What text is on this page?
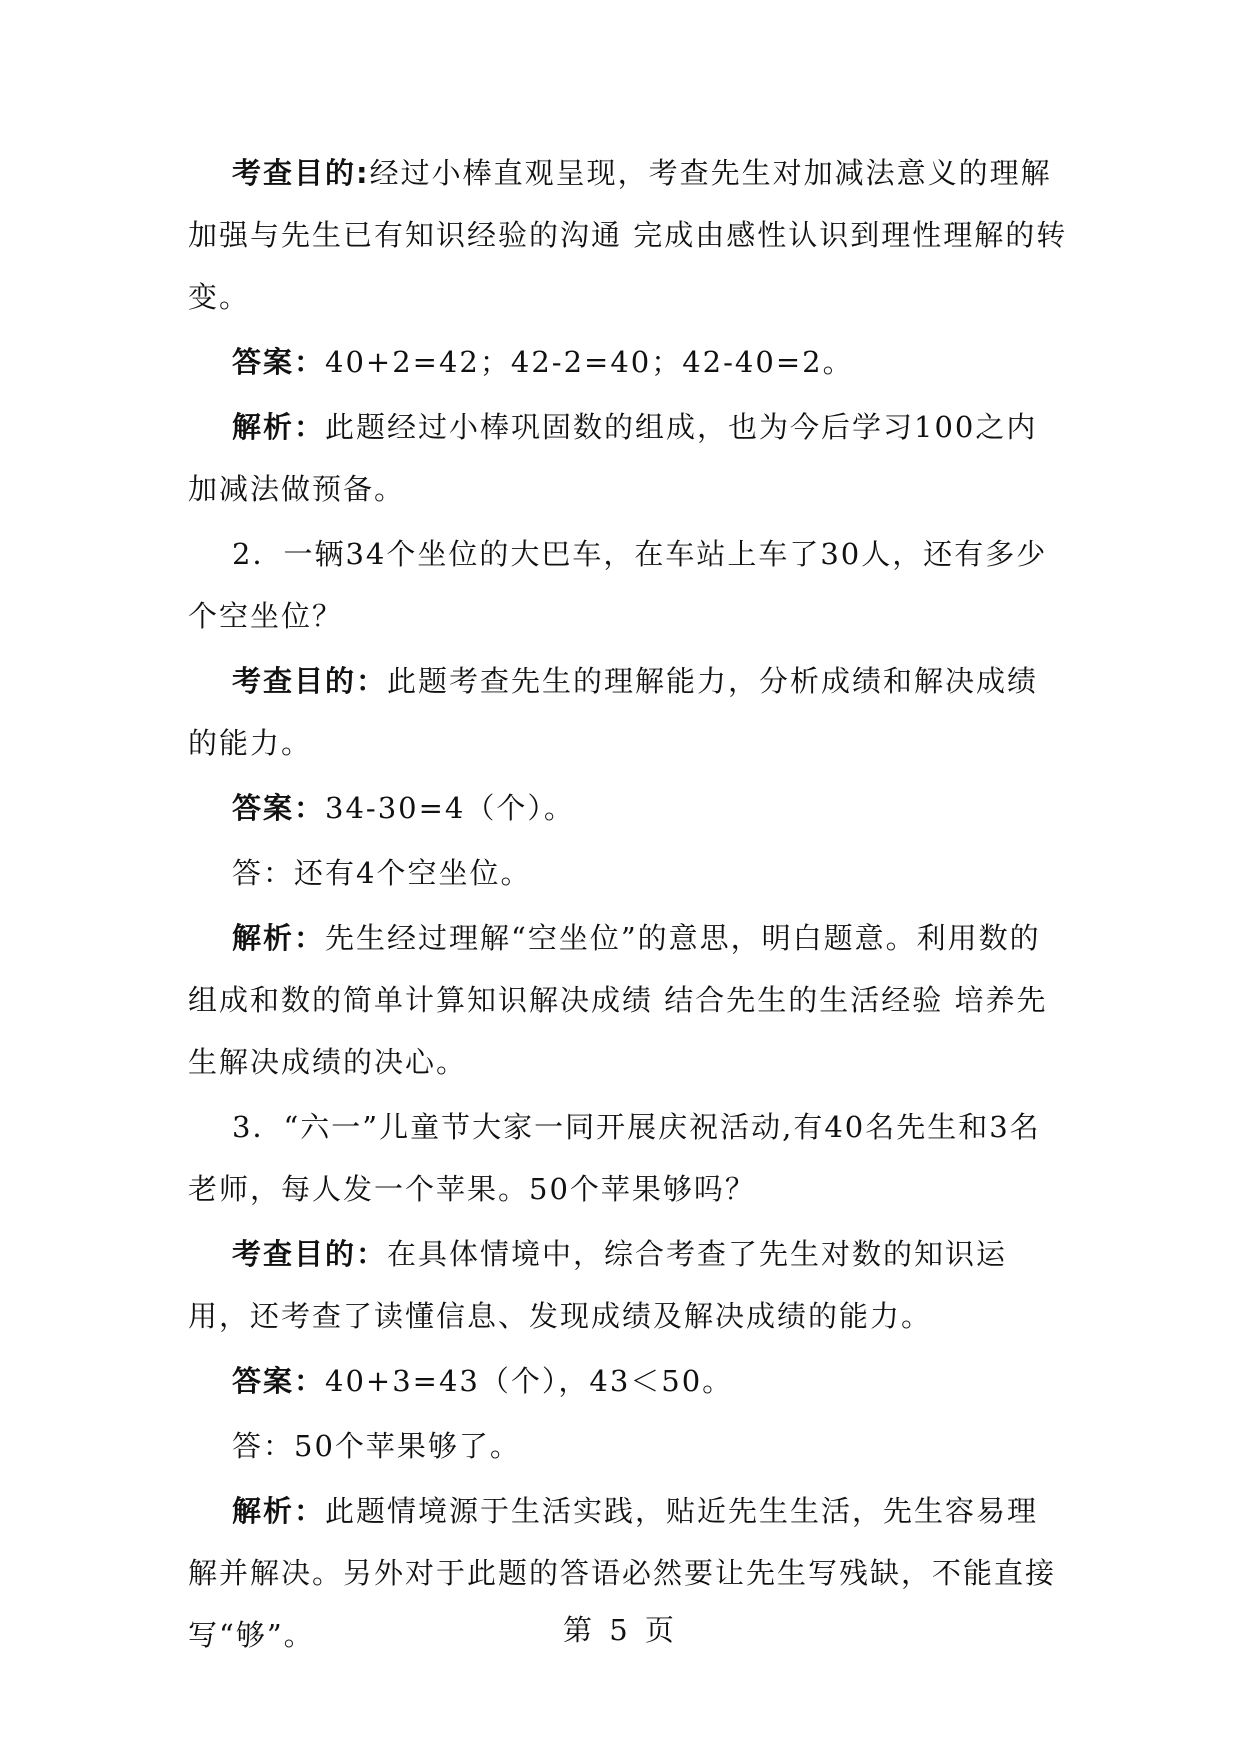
考查目的:经过小棒直观呈现，考查先生对加减法意义的理解加强与先生已有知识经验的沟通 完成由感性认识到理性理解的转变。

答案：40+2=42；42-2=40；42-40=2。

解析：此题经过小棒巩固数的组成，也为今后学习100之内加减法做预备。

2．一辆34个坐位的大巴车，在车站上车了30人，还有多少个空坐位？

考查目的：此题考查先生的理解能力，分析成绩和解决成绩的能力。

答案：34-30=4（个）。

答：还有4个空坐位。

解析：先生经过理解“空坐位”的意思，明白题意。利用数的组成和数的简单计算知识解决成绩 结合先生的生活经验 培养先生解决成绩的决心。

3．“六一”儿童节大家一同开展庆祝活动,有40名先生和3名老师，每人发一个苹果。50个苹果够吗？

考查目的：在具体情境中，综合考查了先生对数的知识运用，还考查了读懂信息、发现成绩及解决成绩的能力。

答案：40+3=43（个），43＜50。

答：50个苹果够了。

解析：此题情境源于生活实践，贴近先生生活，先生容易理解并解决。另外对于此题的答语必然要让先生写残缺，不能直接写“够”。	第 5 页
